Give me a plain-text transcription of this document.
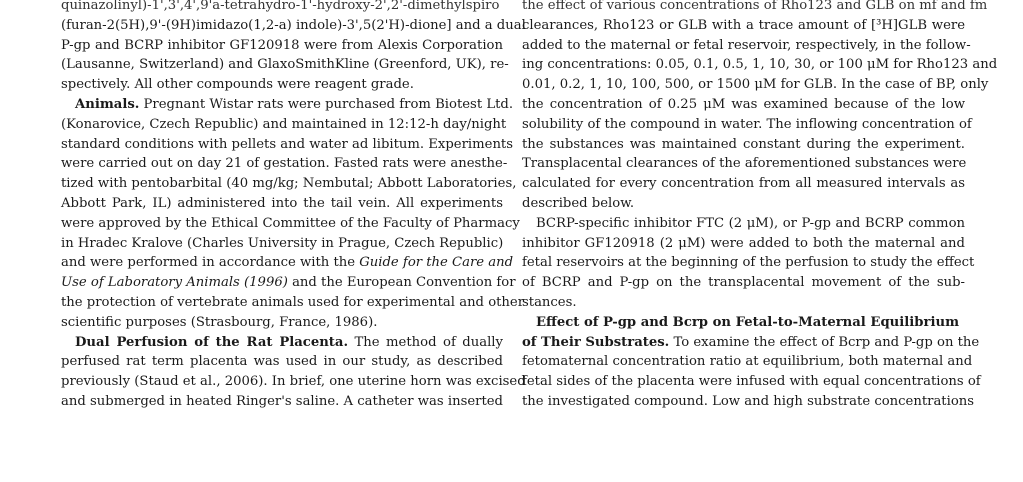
quinazolinyl)-1',3',4',9'a-tetrahydro-1'-hydroxy-2',2'-dimethylspiro
(furan-2(5H),9'-(9H)imidazo(1,2-a) indole)-3',5(2'H)-dione] and a dual
P-gp and BCRP inhibitor GF120918 were from Alexis Corporation
(Lausanne, Switzerland) and GlaxoSmithKline (Greenford, UK), re-
spectively. All other compounds were reagent grade.
Animals. Pregnant Wistar rats were purchased from Biotest Ltd.
(Konarovice, Czech Republic) and maintained in 12:12-h day/night
standard conditions with pellets and water ad libitum. Experiments
were carried out on day 21 of gestation. Fasted rats were anesthe-
tized with pentobarbital (40 mg/kg; Nembutal; Abbott Laboratories,
Abbott Park, IL) administered into the tail vein. All experiments
were approved by the Ethical Committee of the Faculty of Pharmacy
in Hradec Kralove (Charles University in Prague, Czech Republic)
and were performed in accordance with the Guide for the Care and
Use of Laboratory Animals (1996) and the European Convention for
the protection of vertebrate animals used for experimental and other
scientific purposes (Strasbourg, France, 1986).
Dual Perfusion of the Rat Placenta. The method of dually
perfused rat term placenta was used in our study, as described
previously (Staud et al., 2006). In brief, one uterine horn was excised
and submerged in heated Ringer's saline. A catheter was inserted
the effect of various concentrations of Rho123 and GLB on mf and fm
clearances, Rho123 or GLB with a trace amount of [³H]GLB were
added to the maternal or fetal reservoir, respectively, in the follow-
ing concentrations: 0.05, 0.1, 0.5, 1, 10, 30, or 100 μM for Rho123 and
0.01, 0.2, 1, 10, 100, 500, or 1500 μM for GLB. In the case of BP, only
the concentration of 0.25 μM was examined because of the low
solubility of the compound in water. The inflowing concentration of
the substances was maintained constant during the experiment.
Transplacental clearances of the aforementioned substances were
calculated for every concentration from all measured intervals as
described below.
BCRP-specific inhibitor FTC (2 μM), or P-gp and BCRP common
inhibitor GF120918 (2 μM) were added to both the maternal and
fetal reservoirs at the beginning of the perfusion to study the effect
of BCRP and P-gp on the transplacental movement of the sub-
stances.
Effect of P-gp and Bcrp on Fetal-to-Maternal Equilibrium
of Their Substrates. To examine the effect of Bcrp and P-gp on the
fetomaternal concentration ratio at equilibrium, both maternal and
fetal sides of the placenta were infused with equal concentrations of
the investigated compound. Low and high substrate concentrations
